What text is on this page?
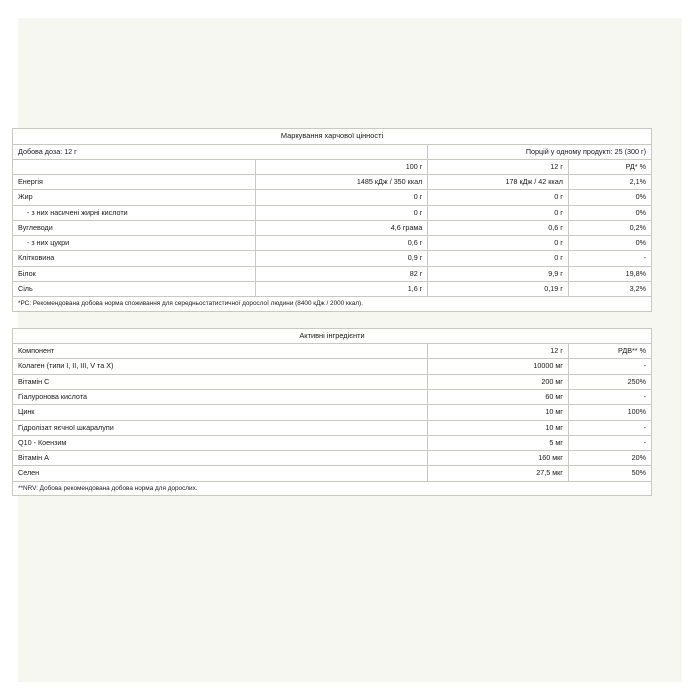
Маркування харчової цінності			
Добова доза: 12 г		Порцій у одному продукті: 25 (300 г)	
	100 г	12 г	РД* %
Енергія	1485 кДж / 350 ккал	178 кДж / 42 ккал	2,1%
Жир	0 г	0 г	0%
- з них насичені жирні кислоти	0 г	0 г	0%
Вуглеводи	4,6 грама	0,6 г	0,2%
- з них цукри	0,6 г	0 г	0%
Клітковина	0,9 г	0 г	-
Білок	82 г	9,9 г	19,8%
Сіль	1,6 г	0,19 г	3,2%
*РС: Рекомендована добова норма споживання для середньостатистичної дорослої людини (8400 кДж / 2000 ккал).			
Активні інгредієнти		
Компонент	12 г	РДВ** %
Колаген (типи I, II, III, V та X)	10000 мг	-
Вітамін С	200 мг	250%
Гіалуронова кислота	60 мг	-
Цинк	10 мг	100%
Гідролізат яєчної шкаралупи	10 мг	-
Q10 - Коензим	5 мг	-
Вітамін А	160 мкг	20%
Селен	27,5 мкг	50%
**NRV: Добова рекомендована добова норма для дорослих.		
